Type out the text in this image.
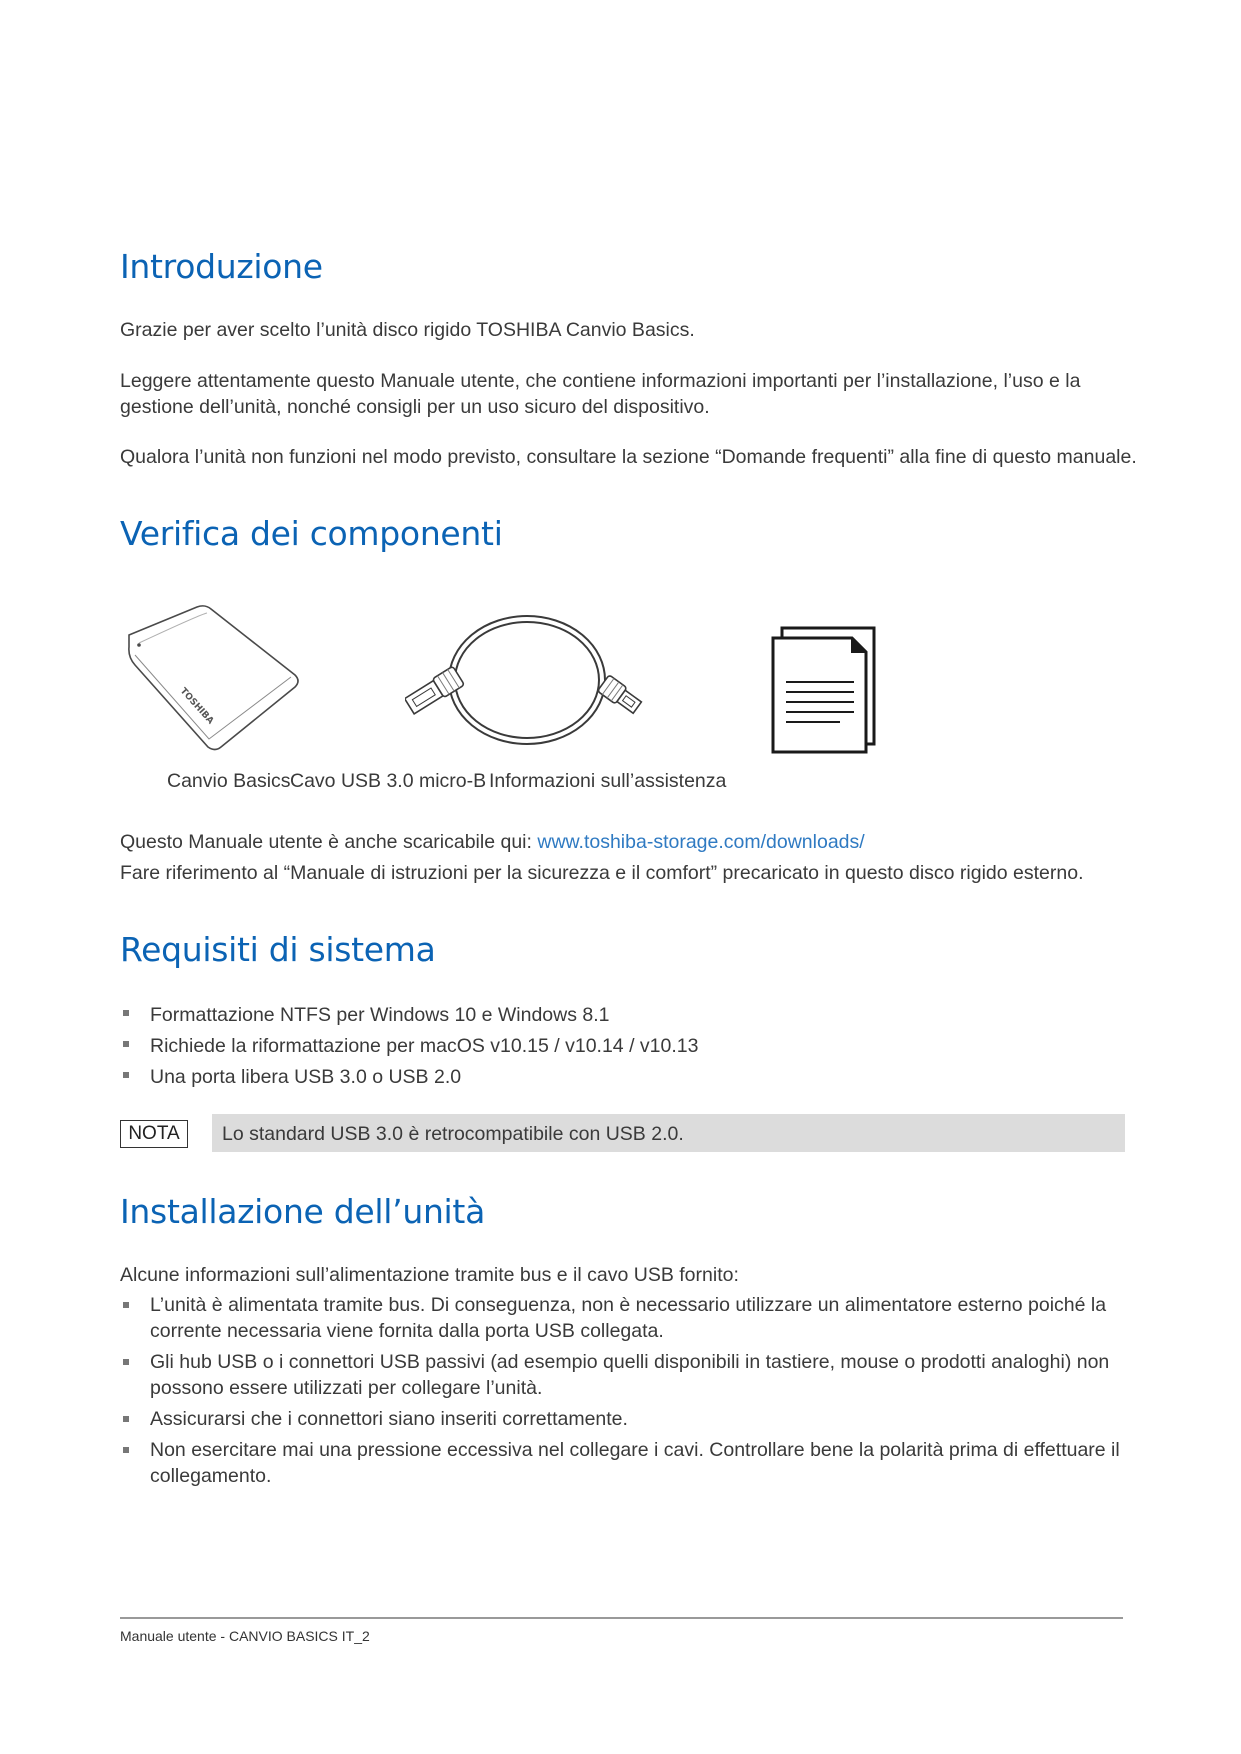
Introduzione

Grazie per aver scelto l’unità disco rigido TOSHIBA Canvio Basics.

Leggere attentamente questo Manuale utente, che contiene informazioni importanti per l’installazione, l’uso e la gestione dell’unità, nonché consigli per un uso sicuro del dispositivo.

Qualora l’unità non funzioni nel modo previsto, consultare la sezione “Domande frequenti” alla fine di questo manuale.

Verifica dei componenti
TOSHIBA
Canvio Basics Cavo USB 3.0 micro-B Informazioni sull’assistenza

Questo Manuale utente è anche scaricabile qui: www.toshiba-storage.com/downloads/

Fare riferimento al “Manuale di istruzioni per la sicurezza e il comfort” precaricato in questo disco rigido esterno.

Requisiti di sistema
Formattazione NTFS per Windows 10 e Windows 8.1
Richiede la riformattazione per macOS v10.15 / v10.14 / v10.13
Una porta libera USB 3.0 o USB 2.0
NOTA	Lo standard USB 3.0 è retrocompatibile con USB 2.0.
Installazione dell’unità

Alcune informazioni sull’alimentazione tramite bus e il cavo USB fornito:

L’unità è alimentata tramite bus. Di conseguenza, non è necessario utilizzare un alimentatore esterno poiché la corrente necessaria viene fornita dalla porta USB collegata.
Gli hub USB o i connettori USB passivi (ad esempio quelli disponibili in tastiere, mouse o prodotti analoghi) non possono essere utilizzati per collegare l’unità.
Assicurarsi che i connettori siano inseriti correttamente.
Non esercitare mai una pressione eccessiva nel collegare i cavi. Controllare bene la polarità prima di effettuare il collegamento.
Manuale utente - CANVIO BASICS IT_2
